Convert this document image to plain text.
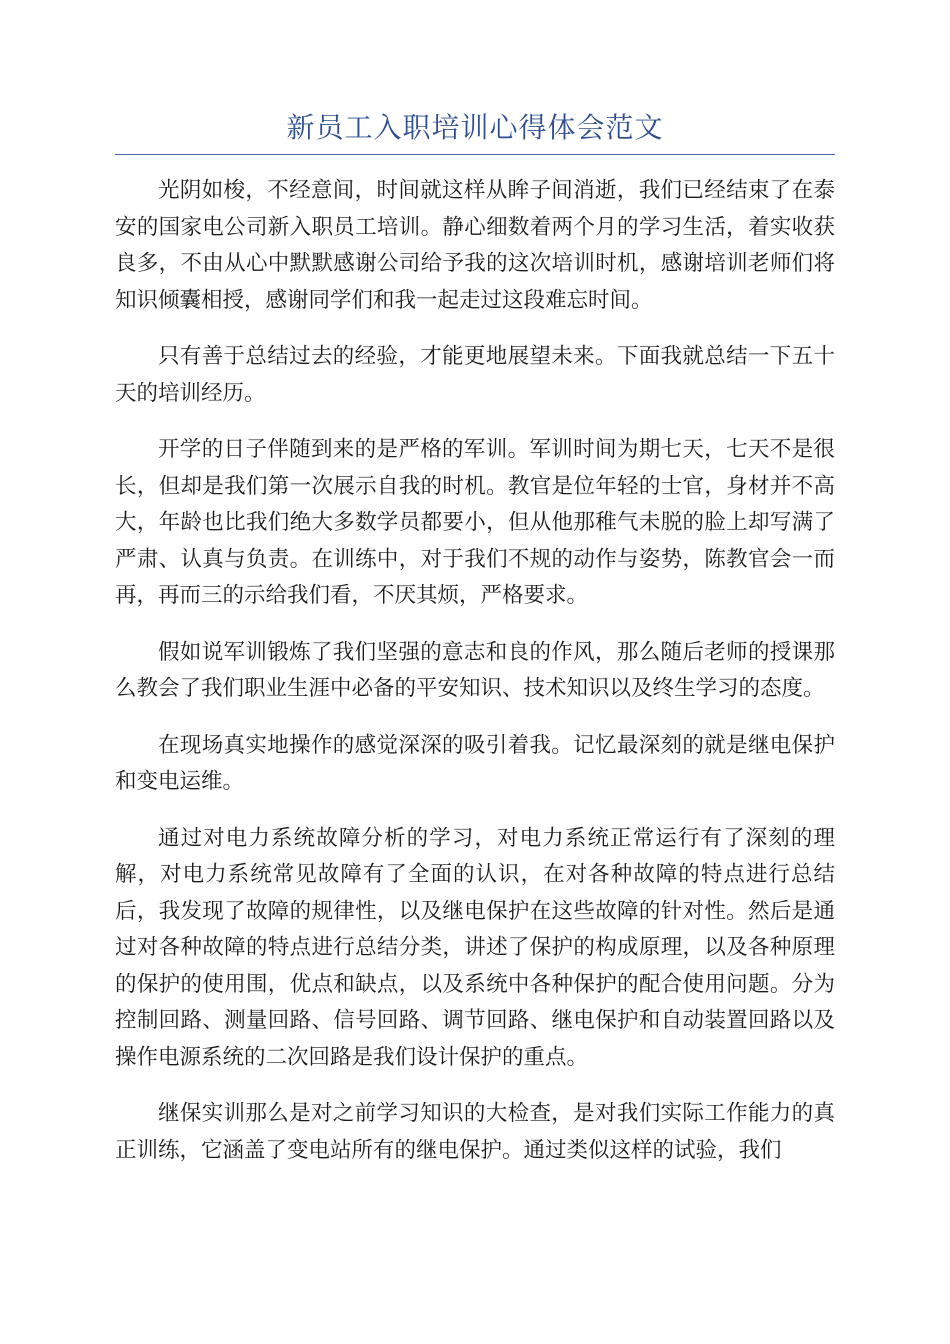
新员工入职培训心得体会范文

光阴如梭，不经意间，时间就这样从眸子间消逝，我们已经结束了在泰安的国家电公司新入职员工培训。静心细数着两个月的学习生活，着实收获良多，不由从心中默默感谢公司给予我的这次培训时机，感谢培训老师们将知识倾囊相授，感谢同学们和我一起走过这段难忘时间。

只有善于总结过去的经验，才能更地展望未来。下面我就总结一下五十天的培训经历。

开学的日子伴随到来的是严格的军训。军训时间为期七天，七天不是很长，但却是我们第一次展示自我的时机。教官是位年轻的士官，身材并不高大，年龄也比我们绝大多数学员都要小，但从他那稚气未脱的脸上却写满了严肃、认真与负责。在训练中，对于我们不规的动作与姿势，陈教官会一而再，再而三的示给我们看，不厌其烦，严格要求。

假如说军训锻炼了我们坚强的意志和良的作风，那么随后老师的授课那么教会了我们职业生涯中必备的平安知识、技术知识以及终生学习的态度。

在现场真实地操作的感觉深深的吸引着我。记忆最深刻的就是继电保护和变电运维。

通过对电力系统故障分析的学习，对电力系统正常运行有了深刻的理解，对电力系统常见故障有了全面的认识，在对各种故障的特点进行总结后，我发现了故障的规律性，以及继电保护在这些故障的针对性。然后是通过对各种故障的特点进行总结分类，讲述了保护的构成原理，以及各种原理的保护的使用围，优点和缺点，以及系统中各种保护的配合使用问题。分为控制回路、测量回路、信号回路、调节回路、继电保护和自动装置回路以及操作电源系统的二次回路是我们设计保护的重点。

继保实训那么是对之前学习知识的大检查，是对我们实际工作能力的真正训练，它涵盖了变电站所有的继电保护。通过类似这样的试验，我们
